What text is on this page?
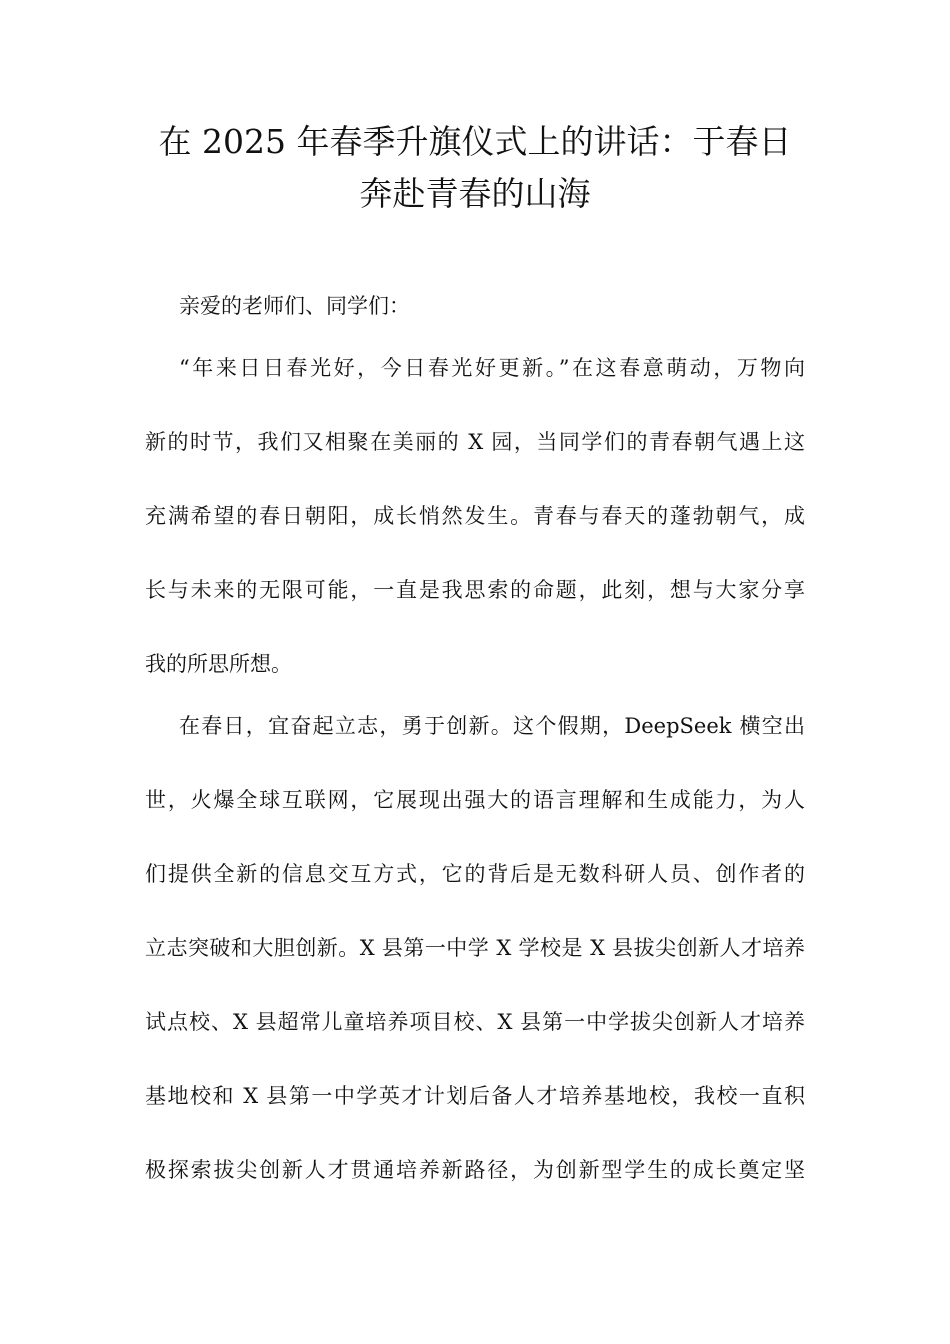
在 2025 年春季升旗仪式上的讲话：于春日
奔赴青春的山海
亲爱的老师们、同学们：
“年来日日春光好，今日春光好更新。”在这春意萌动，万物向
新的时节，我们又相聚在美丽的 X 园，当同学们的青春朝气遇上这
充满希望的春日朝阳，成长悄然发生。青春与春天的蓬勃朝气，成
长与未来的无限可能，一直是我思索的命题，此刻，想与大家分享
我的所思所想。
在春日，宜奋起立志，勇于创新。这个假期，DeepSeek 横空出
世，火爆全球互联网，它展现出强大的语言理解和生成能力，为人
们提供全新的信息交互方式，它的背后是无数科研人员、创作者的
立志突破和大胆创新。X 县第一中学 X 学校是 X 县拔尖创新人才培养
试点校、X 县超常儿童培养项目校、X 县第一中学拔尖创新人才培养
基地校和 X 县第一中学英才计划后备人才培养基地校，我校一直积
极探索拔尖创新人才贯通培养新路径，为创新型学生的成长奠定坚
